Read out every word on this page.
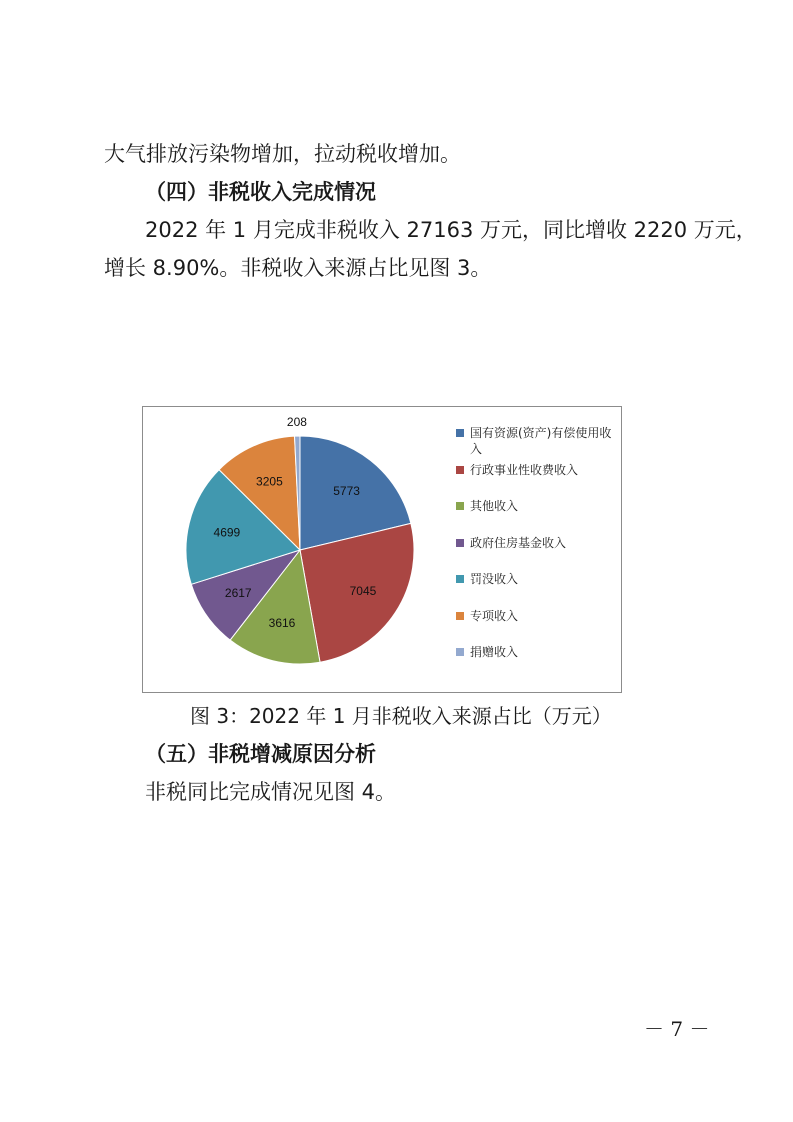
大气排放污染物增加，拉动税收增加。
（四）非税收入完成情况
2022 年 1 月完成非税收入 27163 万元，同比增收 2220 万元，
增长 8.90%。非税收入来源占比见图 3。
5773
7045
3616
2617
4699
3205
208
国有资源(资产)有偿使用收入
行政事业性收费收入
其他收入
政府住房基金收入
罚没收入
专项收入
捐赠收入
图 3：2022 年 1 月非税收入来源占比（万元）
（五）非税增减原因分析
非税同比完成情况见图 4。
－ 7 －
